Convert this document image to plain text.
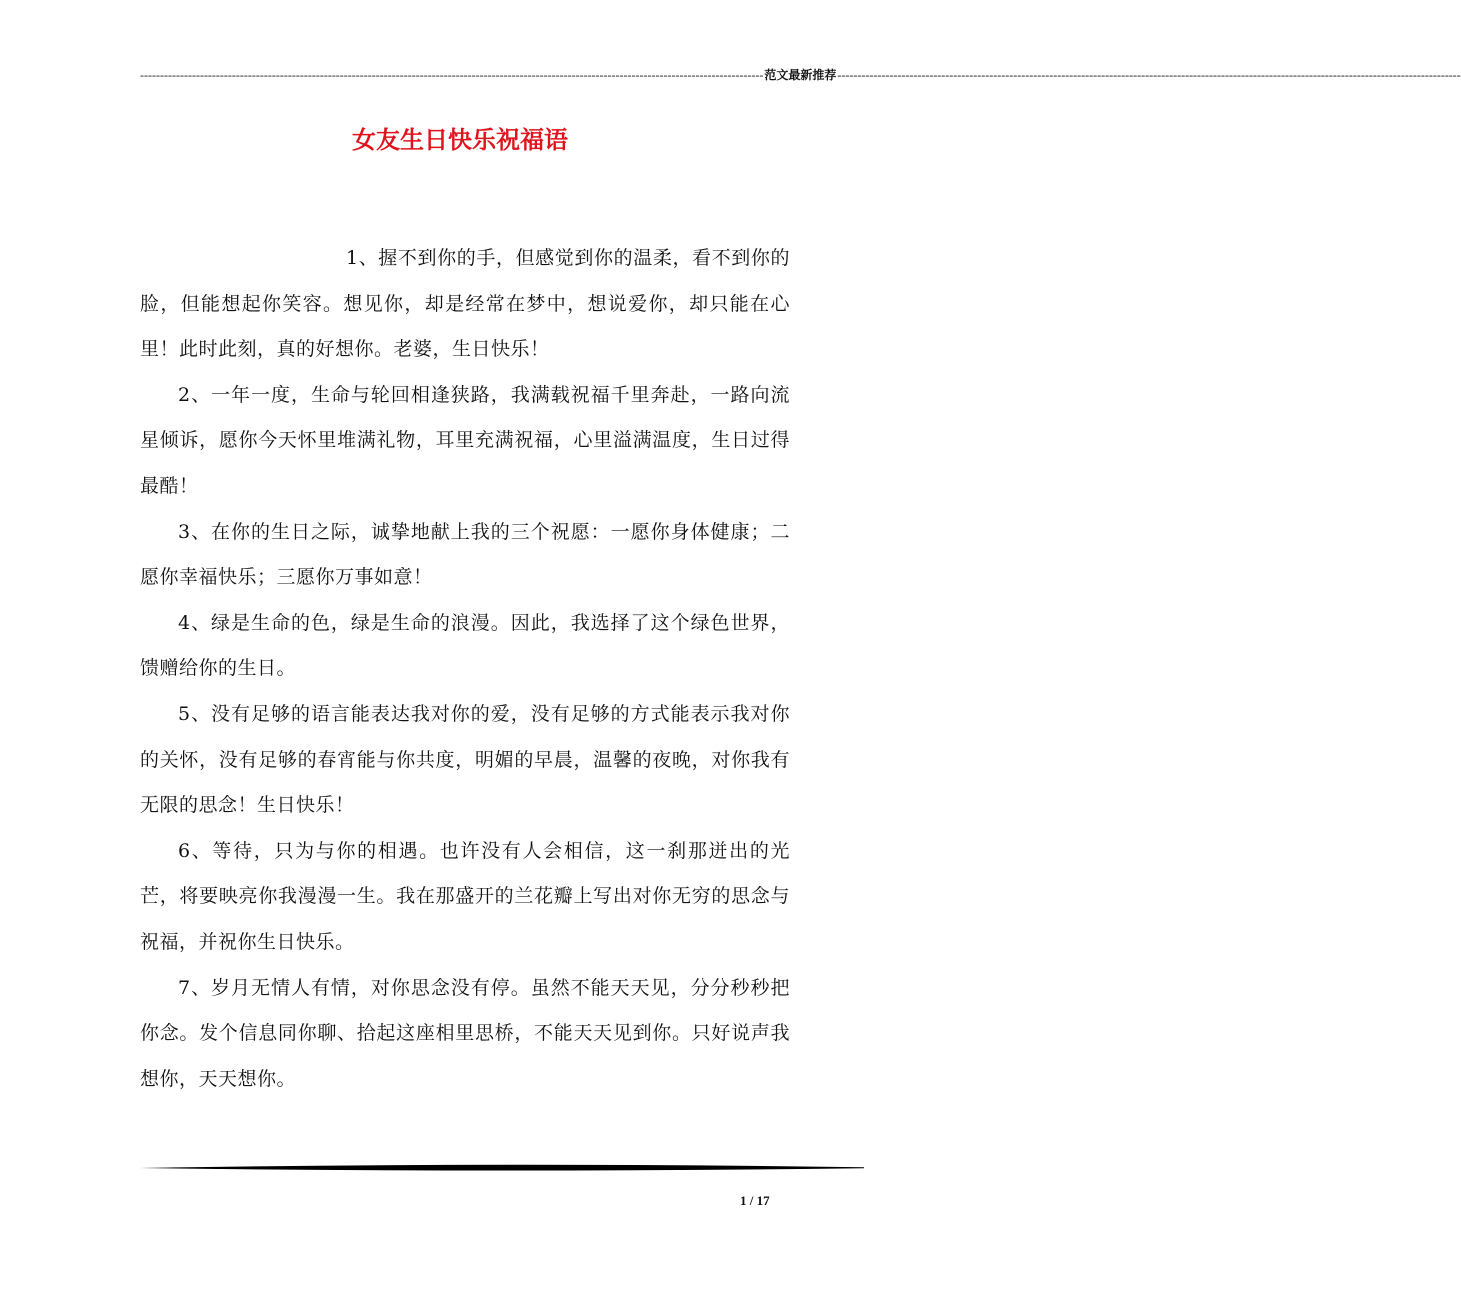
------------------------------------------------------------------------------------------------------------------------------------------------------------ 范文最新推荐 ------------------------------------------------------------------------------------------------------------------------------------------------------------
女友生日快乐祝福语

1、握不到你的手，但感觉到你的温柔，看不到你的脸，但能想起你笑容。想见你，却是经常在梦中，想说爱你，却只能在心里！此时此刻，真的好想你。老婆，生日快乐！

2、一年一度，生命与轮回相逢狭路，我满载祝福千里奔赴，一路向流星倾诉，愿你今天怀里堆满礼物，耳里充满祝福，心里溢满温度，生日过得最酷！

3、在你的生日之际，诚挚地献上我的三个祝愿：一愿你身体健康；二愿你幸福快乐；三愿你万事如意！

4、绿是生命的色，绿是生命的浪漫。因此，我选择了这个绿色世界，馈赠给你的生日。

5、没有足够的语言能表达我对你的爱，没有足够的方式能表示我对你的关怀，没有足够的春宵能与你共度，明媚的早晨，温馨的夜晚，对你我有无限的思念！生日快乐！

6、等待，只为与你的相遇。也许没有人会相信，这一刹那迸出的光芒，将要映亮你我漫漫一生。我在那盛开的兰花瓣上写出对你无穷的思念与祝福，并祝你生日快乐。

7、岁月无情人有情，对你思念没有停。虽然不能天天见，分分秒秒把你念。发个信息同你聊、拾起这座相里思桥，不能天天见到你。只好说声我想你，天天想你。

1 / 17
